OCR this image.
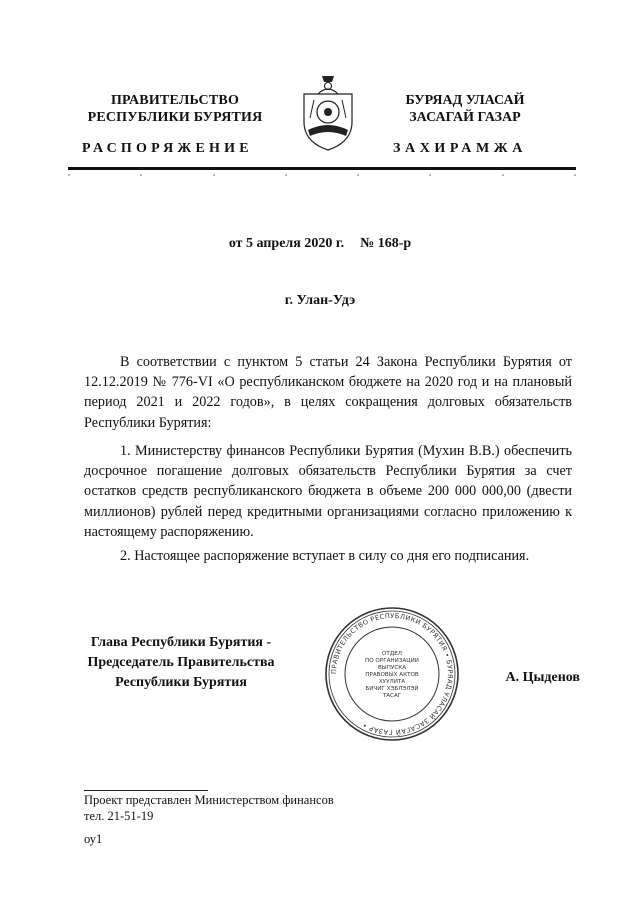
ПРАВИТЕЛЬСТВО
РЕСПУБЛИКИ БУРЯТИЯ
БУРЯАД УЛАСАЙ
ЗАСАГАЙ ГАЗАР
РАСПОРЯЖЕНИЕ	ЗАХИРАМЖА
от 5 апреля 2020 г. № 168-р
г. Улан-Удэ
В соответствии с пунктом 5 статьи 24 Закона Республики Бурятия от 12.12.2019 № 776-VI «О республиканском бюджете на 2020 год и на плановый период 2021 и 2022 годов», в целях сокращения долговых обязательств Республики Бурятия:
1. Министерству финансов Республики Бурятия (Мухин В.В.) обеспечить досрочное погашение долговых обязательств Республики Бурятия за счет остатков средств республиканского бюджета в объеме 200 000 000,00 (двести миллионов) рублей перед кредитными организациями согласно приложению к настоящему распоряжению.
2. Настоящее распоряжение вступает в силу со дня его подписания.
Глава Республики Бурятия -
Председатель Правительства
Республики Бурятия
ПРАВИТЕЛЬСТВО РЕСПУБЛИКИ БУРЯТИЯ • БУРЯАД УЛАСАЙ ЗАСАГАЙ ГАЗАР •
ОТДЕЛ
ПО ОРГАНИЗАЦИИ
ВЫПУСКА
ПРАВОВЫХ АКТОВ
ХУУЛИТА
БИЧИГ ХЭБЛЭЛЭЙ
ТАСАГ
А. Цыденов
Проект представлен Министерством финансов
тел. 21-51-19
оу1
